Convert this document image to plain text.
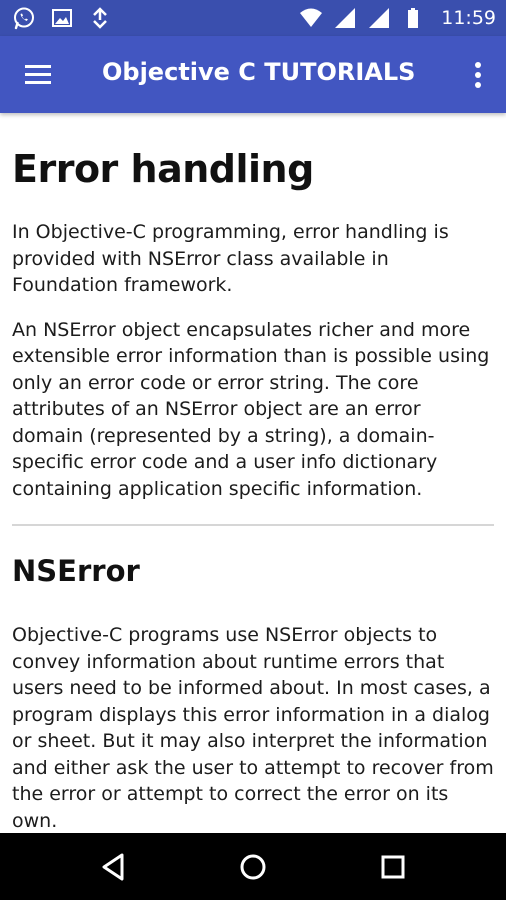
11:59
Objective C TUTORIALS
Error handling

In Objective-C programming, error handling is provided with NSError class available in Foundation framework.

An NSError object encapsulates richer and more extensible error information than is possible using only an error code or error string. The core attributes of an NSError object are an error domain (represented by a string), a domain-specific error code and a user info dictionary containing application specific information.

NSError

Objective-C programs use NSError objects to convey information about runtime errors that users need to be informed about. In most cases, a program displays this error information in a dialog or sheet. But it may also interpret the information and either ask the user to attempt to recover from the error or attempt to correct the error on its own.
